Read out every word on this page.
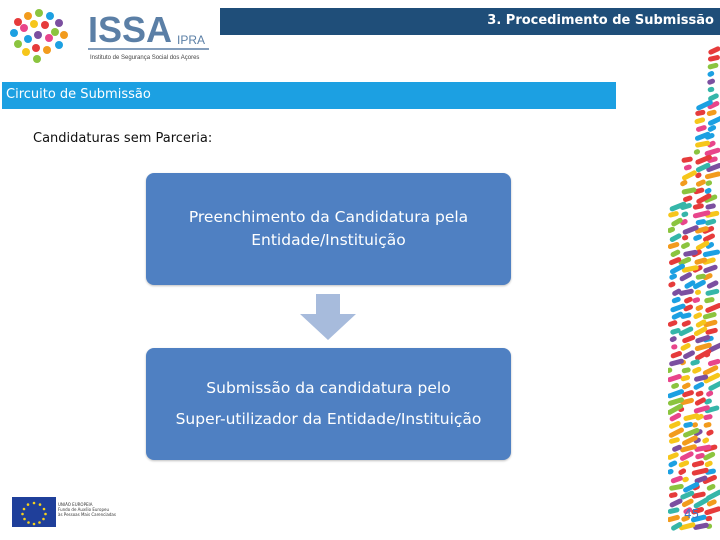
ISSA IPRA
Instituto de Segurança Social dos Açores
3. Procedimento de Submissão
Circuito de Submissão
Candidaturas sem Parceria:
Preenchimento da Candidatura pela
Entidade/Instituição
Submissão da candidatura pelo
Super-utilizador da Entidade/Instituição
UNIÃO EUROPEIA
Fundo de Auxílio Europeu
às Pessoas Mais Carenciadas	45
